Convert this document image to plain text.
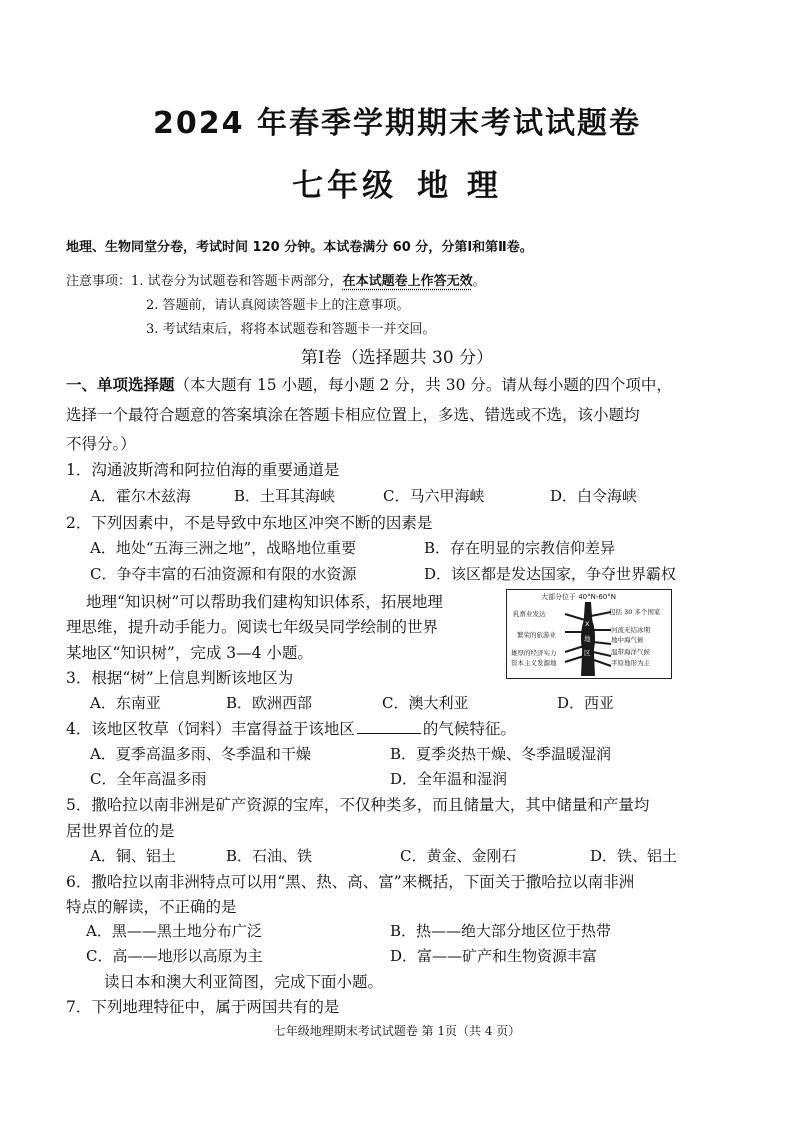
2024 年春季学期期末考试试题卷
七年级 地 理
地理、生物同堂分卷，考试时间 120 分钟。本试卷满分 60 分，分第Ⅰ和第Ⅱ卷。
注意事项：1. 试卷分为试题卷和答题卡两部分，在本试题卷上作答无效。
2. 答题前，请认真阅读答题卡上的注意事项。
3. 考试结束后，将将本试题卷和答题卡一并交回。
第Ⅰ卷（选择题共 30 分）
一、单项选择题（本大题有 15 小题，每小题 2 分，共 30 分。请从每小题的四个项中，
选择一个最符合题意的答案填涂在答题卡相应位置上，多选、错选或不选，该小题均
不得分。）
1．沟通波斯湾和阿拉伯海的重要通道是
A．霍尔木兹海	B．土耳其海峡	C．马六甲海峡	D．白令海峡
2．下列因素中，不是导致中东地区冲突不断的因素是
A．地处“五海三洲之地”，战略地位重要	B．存在明显的宗教信仰差异
C．争夺丰富的石油资源和有限的水资源	D．该区都是发达国家，争夺世界霸权
地理“知识树”可以帮助我们建构知识体系，拓展地理
理思维，提升动手能力。阅读七年级吴同学绘制的世界
某地区“知识树”，完成 3—4 小题。
大部分位于 40°N-60°N
乳畜业发达
繁荣的旅游业
雄厚的经济实力
资本主义发源地
包括 30 多个国家
河流无结冰期
地中海气候
温带海洋气候
平原地形为主
X
地
区
3．根据“树”上信息判断该地区为
A．东南亚	B．欧洲西部	C．澳大利亚	D．西亚
4．该地区牧草（饲料）丰富得益于该地区	的气候特征。
A．夏季高温多雨、冬季温和干燥	B．夏季炎热干燥、冬季温暖湿润
C．全年高温多雨	D．全年温和湿润
5．撒哈拉以南非洲是矿产资源的宝库，不仅种类多，而且储量大，其中储量和产量均
居世界首位的是
A．铜、铝土	B．石油、铁	C．黄金、金刚石	D．铁、铝土
6．撒哈拉以南非洲特点可以用“黑、热、高、富”来概括，下面关于撒哈拉以南非洲
特点的解读，不正确的是
A．黑——黑土地分布广泛	B．热——绝大部分地区位于热带
C．高——地形以高原为主	D．富——矿产和生物资源丰富
读日本和澳大利亚简图，完成下面小题。
7．下列地理特征中，属于两国共有的是
七年级地理期末考试试题卷 第 1页（共 4 页）
